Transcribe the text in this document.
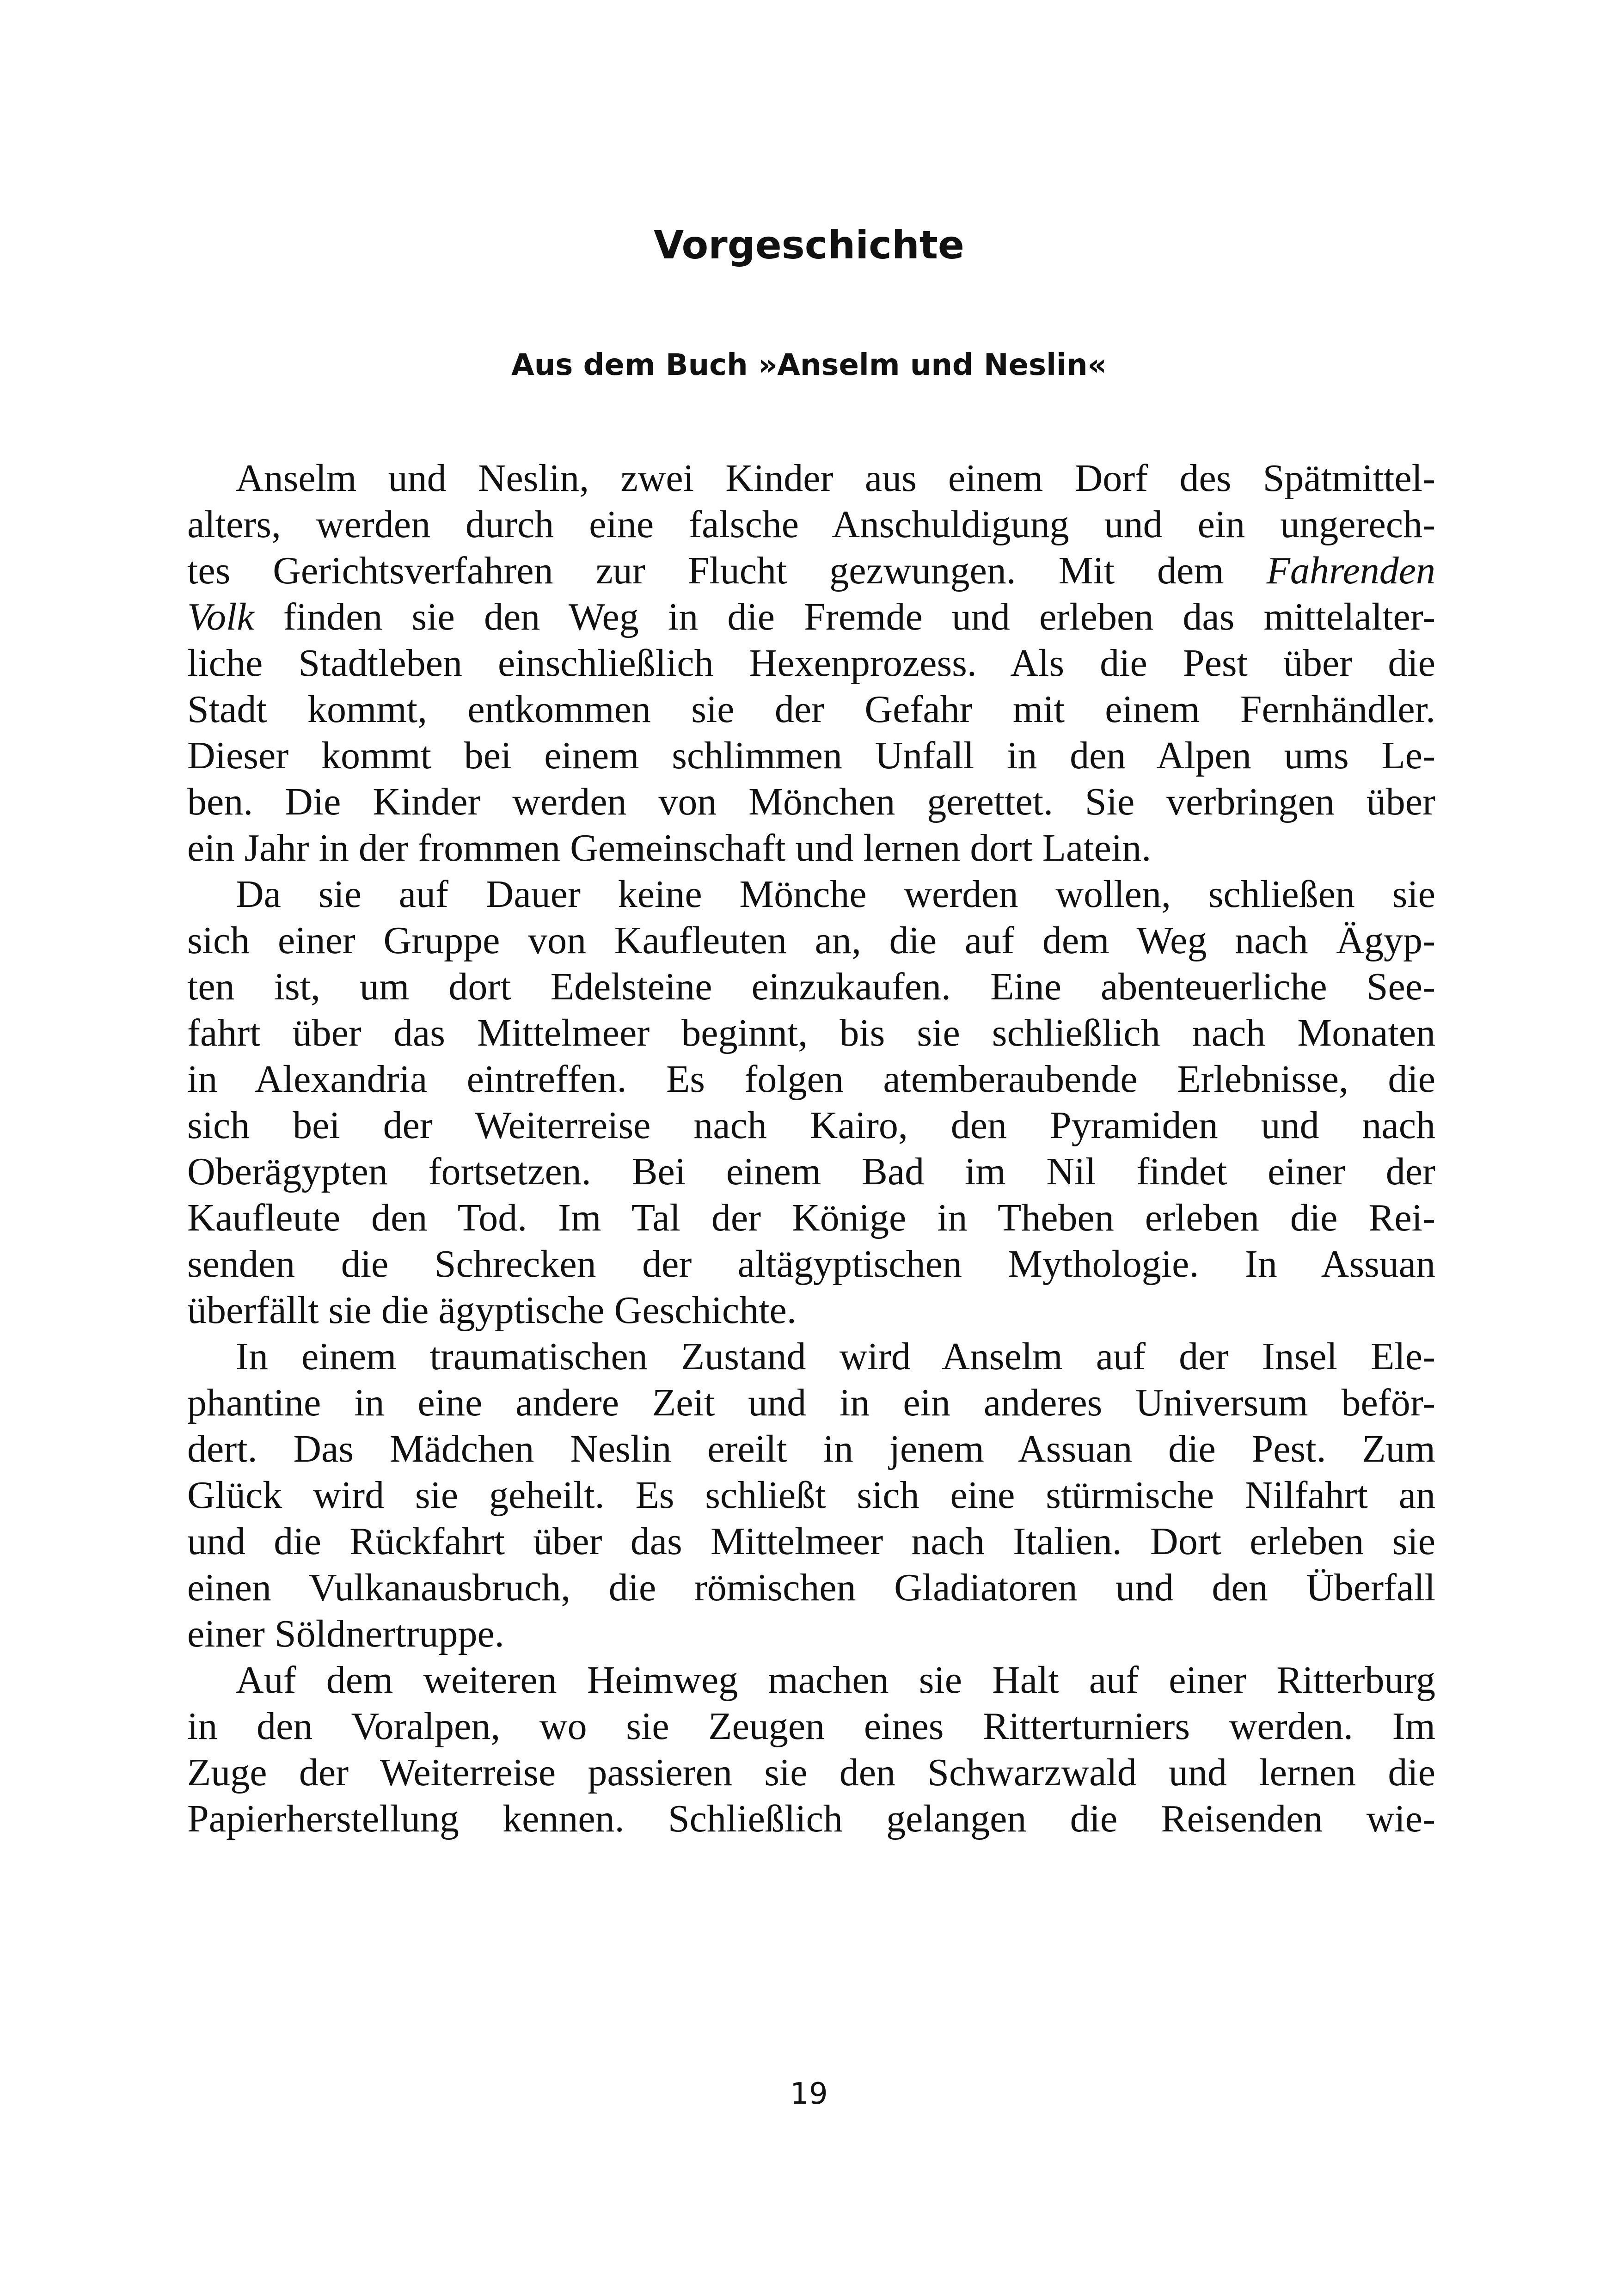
Vorgeschichte
Aus dem Buch »Anselm und Neslin«
Anselm und Neslin, zwei Kinder aus einem Dorf des Spätmittel-
alters, werden durch eine falsche Anschuldigung und ein ungerech-
tes Gerichtsverfahren zur Flucht gezwungen. Mit dem Fahrenden
Volk finden sie den Weg in die Fremde und erleben das mittelalter-
liche Stadtleben einschließlich Hexenprozess. Als die Pest über die
Stadt kommt, entkommen sie der Gefahr mit einem Fernhändler.
Dieser kommt bei einem schlimmen Unfall in den Alpen ums Le-
ben. Die Kinder werden von Mönchen gerettet. Sie verbringen über
ein Jahr in der frommen Gemeinschaft und lernen dort Latein.
Da sie auf Dauer keine Mönche werden wollen, schließen sie
sich einer Gruppe von Kaufleuten an, die auf dem Weg nach Ägyp-
ten ist, um dort Edelsteine einzukaufen. Eine abenteuerliche See-
fahrt über das Mittelmeer beginnt, bis sie schließlich nach Monaten
in Alexandria eintreffen. Es folgen atemberaubende Erlebnisse, die
sich bei der Weiterreise nach Kairo, den Pyramiden und nach
Oberägypten fortsetzen. Bei einem Bad im Nil findet einer der
Kaufleute den Tod. Im Tal der Könige in Theben erleben die Rei-
senden die Schrecken der altägyptischen Mythologie. In Assuan
überfällt sie die ägyptische Geschichte.
In einem traumatischen Zustand wird Anselm auf der Insel Ele-
phantine in eine andere Zeit und in ein anderes Universum beför-
dert. Das Mädchen Neslin ereilt in jenem Assuan die Pest. Zum
Glück wird sie geheilt. Es schließt sich eine stürmische Nilfahrt an
und die Rückfahrt über das Mittelmeer nach Italien. Dort erleben sie
einen Vulkanausbruch, die römischen Gladiatoren und den Überfall
einer Söldnertruppe.
Auf dem weiteren Heimweg machen sie Halt auf einer Ritterburg
in den Voralpen, wo sie Zeugen eines Ritterturniers werden. Im
Zuge der Weiterreise passieren sie den Schwarzwald und lernen die
Papierherstellung kennen. Schließlich gelangen die Reisenden wie-
19
